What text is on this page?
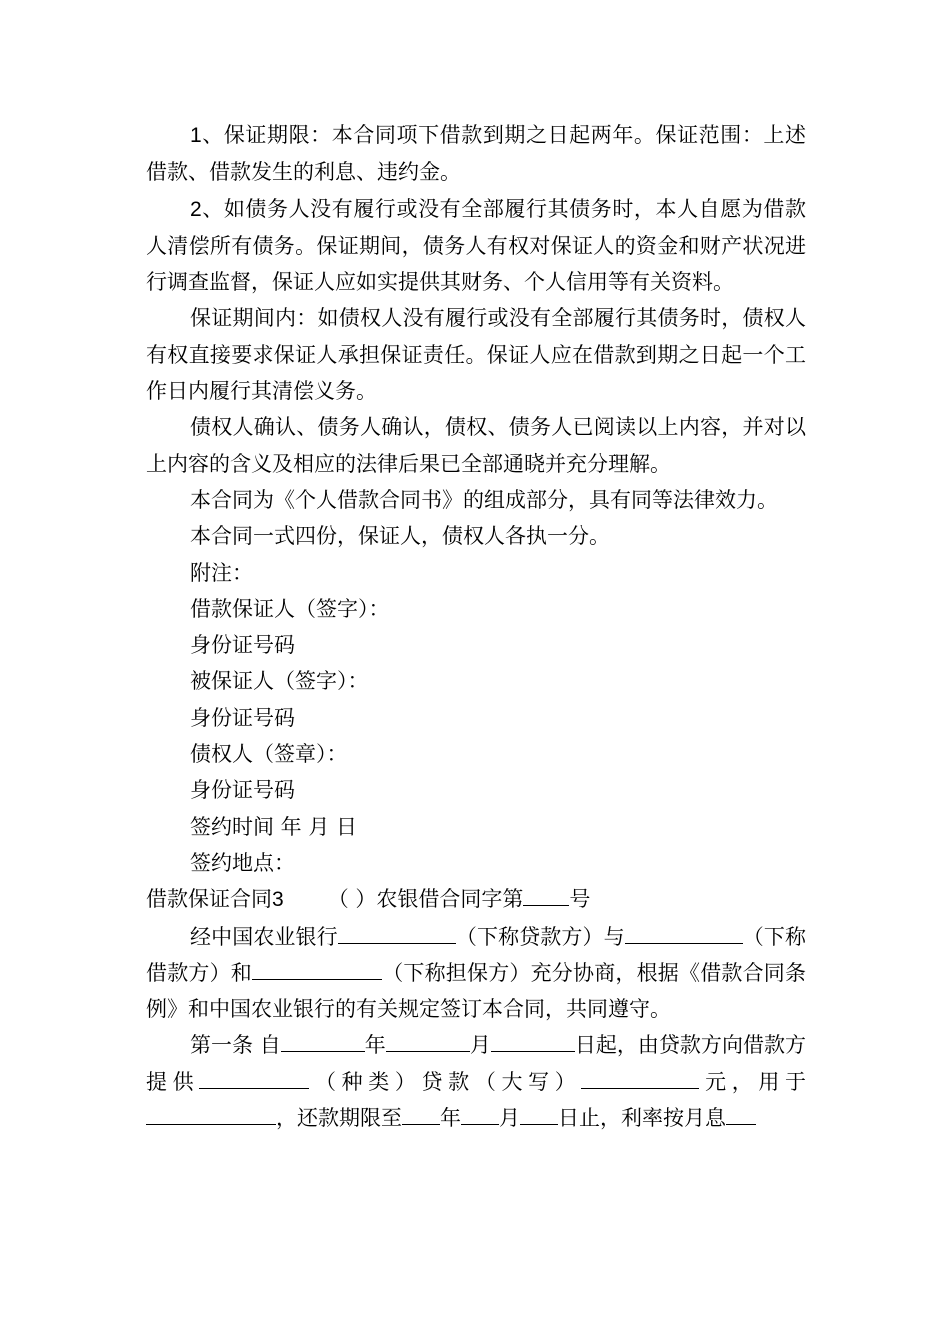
1、保证期限：本合同项下借款到期之日起两年。保证范围：上述借款、借款发生的利息、违约金。

2、如债务人没有履行或没有全部履行其债务时，本人自愿为借款人清偿所有债务。保证期间，债务人有权对保证人的资金和财产状况进行调查监督，保证人应如实提供其财务、个人信用等有关资料。

保证期间内：如债权人没有履行或没有全部履行其债务时，债权人有权直接要求保证人承担保证责任。保证人应在借款到期之日起一个工作日内履行其清偿义务。

债权人确认、债务人确认，债权、债务人已阅读以上内容，并对以上内容的含义及相应的法律后果已全部通晓并充分理解。

本合同为《个人借款合同书》的组成部分，具有同等法律效力。

本合同一式四份，保证人，债权人各执一分。

附注：

借款保证人（签字）：

身份证号码

被保证人（签字）：

身份证号码

债权人（签章）：

身份证号码

签约时间 年 月 日

签约地点：

借款保证合同3 （ ）农银借合同字第 号

经中国农业银行	（下称贷款方）与	（下称借款方）和	（下称担保方）充分协商，根据《借款合同条例》和中国农业银行的有关规定签订本合同，共同遵守。

第一条 自	年	月	日起，由贷款方向借款方提供	（种类）贷款（大写）	元，用于，还款期限至 年 月 日止，利率按月息
